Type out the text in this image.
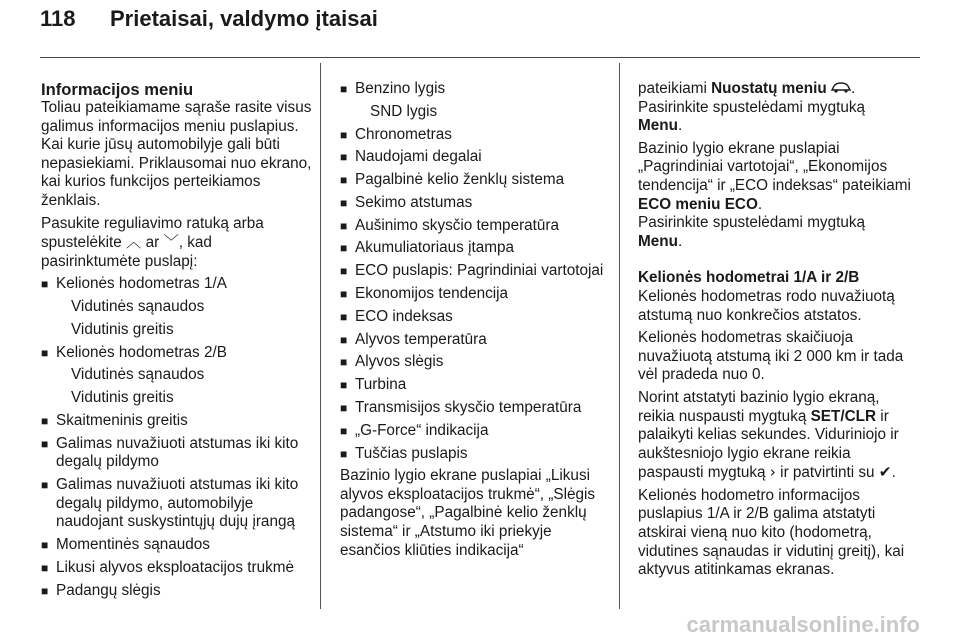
118 Prietaisai, valdymo įtaisai
Informacijos meniu

Toliau pateikiamame sąraše rasite visus galimus informacijos meniu puslapius. Kai kurie jūsų automobilyje gali būti nepasiekiami. Priklausomai nuo ekrano, kai kurios funkcijos perteikiamos ženklais.

Pasukite reguliavimo ratuką arba spustelėkite ︿ ar ﹀, kad pasirinktumėte puslapį:

■ Kelionės hodometras 1/A
Vidutinės sąnaudos
Vidutinis greitis
■ Kelionės hodometras 2/B
Vidutinės sąnaudos
Vidutinis greitis
■ Skaitmeninis greitis
■ Galimas nuvažiuoti atstumas iki kito degalų pildymo
■ Galimas nuvažiuoti atstumas iki kito degalų pildymo, automobilyje naudojant suskystintųjų dujų įrangą
■ Momentinės sąnaudos
■ Likusi alyvos eksploatacijos trukmė
■ Padangų slėgis
■ Benzino lygis
SND lygis
■ Chronometras
■ Naudojami degalai
■ Pagalbinė kelio ženklų sistema
■ Sekimo atstumas
■ Aušinimo skysčio temperatūra
■ Akumuliatoriaus įtampa
■ ECO puslapis: Pagrindiniai vartotojai
■ Ekonomijos tendencija
■ ECO indeksas
■ Alyvos temperatūra
■ Alyvos slėgis
■ Turbina
■ Transmisijos skysčio temperatūra
■ „G-Force“ indikacija
■ Tuščias puslapis

Bazinio lygio ekrane puslapiai „Likusi alyvos eksploatacijos trukmė“, „Slėgis padangose“, „Pagalbinė kelio ženklų sistema“ ir „Atstumo iki priekyje esančios kliūties indikacija“

pateikiami Nuostatų meniu .
Pasirinkite spustelėdami mygtuką
Menu.

Bazinio lygio ekrane puslapiai „Pagrindiniai vartotojai“, „Ekonomijos tendencija“ ir „ECO indeksas“ pateikiami ECO meniu ECO.
Pasirinkite spustelėdami mygtuką
Menu.

Kelionės hodometrai 1/A ir 2/B

Kelionės hodometras rodo nuvažiuotą atstumą nuo konkrečios atstatos.

Kelionės hodometras skaičiuoja nuvažiuotą atstumą iki 2 000 km ir tada vėl pradeda nuo 0.

Norint atstatyti bazinio lygio ekraną, reikia nuspausti mygtuką SET/CLR ir palaikyti kelias sekundes. Viduriniojo ir aukštesniojo lygio ekrane reikia paspausti mygtuką › ir patvirtinti su ✔.

Kelionės hodometro informacijos puslapius 1/A ir 2/B galima atstatyti atskirai vieną nuo kito (hodometrą, vidutines sąnaudas ir vidutinį greitį), kai aktyvus atitinkamas ekranas.

carmanualsonline.info
